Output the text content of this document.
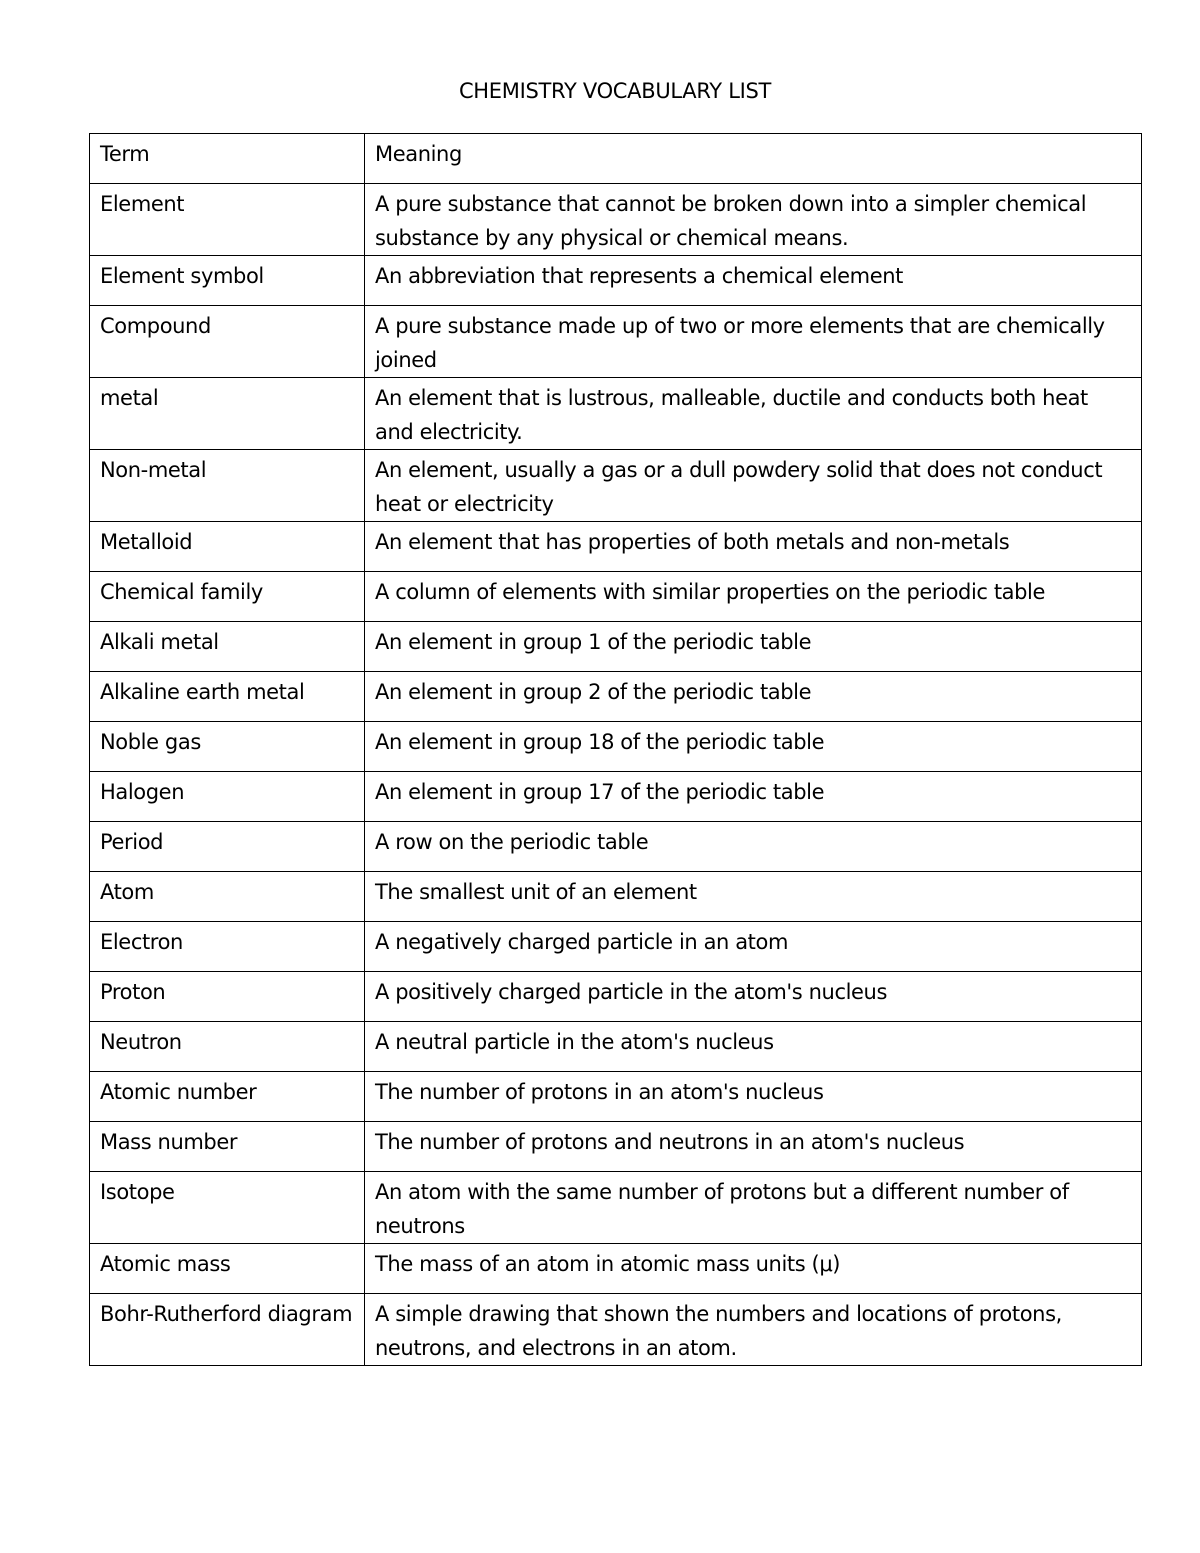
CHEMISTRY VOCABULARY LIST
Term	Meaning
Element	A pure substance that cannot be broken down into a simpler chemical substance by any physical or chemical means.
Element symbol	An abbreviation that represents a chemical element
Compound	A pure substance made up of two or more elements that are chemically joined
metal	An element that is lustrous, malleable, ductile and conducts both heat and electricity.
Non-metal	An element, usually a gas or a dull powdery solid that does not conduct heat or electricity
Metalloid	An element that has properties of both metals and non-metals
Chemical family	A column of elements with similar properties on the periodic table
Alkali metal	An element in group 1 of the periodic table
Alkaline earth metal	An element in group 2 of the periodic table
Noble gas	An element in group 18 of the periodic table
Halogen	An element in group 17 of the periodic table
Period	A row on the periodic table
Atom	The smallest unit of an element
Electron	A negatively charged particle in an atom
Proton	A positively charged particle in the atom's nucleus
Neutron	A neutral particle in the atom's nucleus
Atomic number	The number of protons in an atom's nucleus
Mass number	The number of protons and neutrons in an atom's nucleus
Isotope	An atom with the same number of protons but a different number of neutrons
Atomic mass	The mass of an atom in atomic mass units (μ)
Bohr-Rutherford diagram	A simple drawing that shown the numbers and locations of protons, neutrons, and electrons in an atom.
